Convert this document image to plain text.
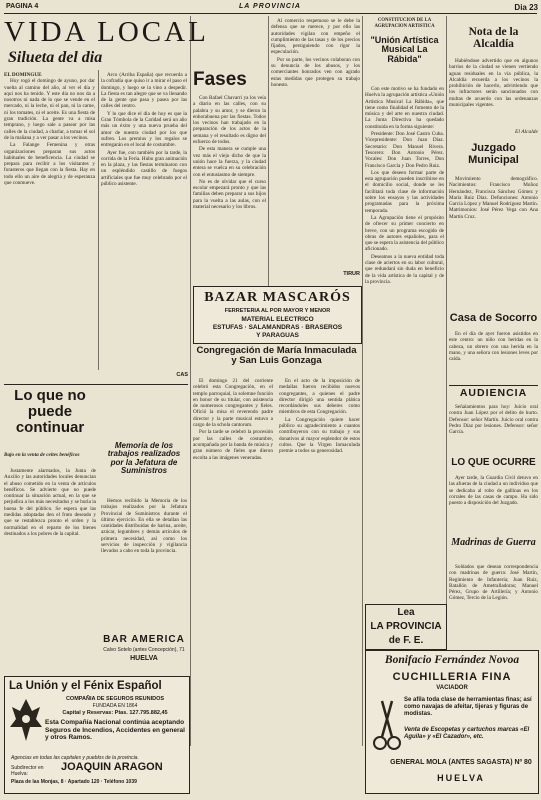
PAGINA 4	LA PROVINCIA	Dia 23
VIDA LOCAL
Silueta del dia
EL DOMINGUE

Hoy rogó el domingo de ayuno, por dar vuelta al camino del año, al ver el día y aquí nos ha tenido. Y este día no nos da a nosotros ni nada de lo que se vende en el mercado, ni la leche, ni el pan, ni la carne, ni los tomates, ni el aceite. Es una fiesta de gran tradición. La gente va a misa temprano, y luego sale a pasear por las calles de la ciudad, a charlar, a tomar el sol de la mañana y a ver pasar a los vecinos.

La Falange Femenina y otras organizaciones preparan sus actos habituales de beneficencia. La ciudad se prepara para recibir a los visitantes y forasteros que llegan con la fiesta. Hay en todo ello un aire de alegría y de esperanza que conmueve.

Arco (Arriba España) que recuerda a la cofradía que quiso ir a mirar el paso el domingo, y luego se la vino a despedir. La fiesta es tan alegre que se va llenando de la gente que pasa y pasea por las calles del centro.

Y lo que dice el día de hoy es que la Gran Tómbola de la Caridad será un año más un éxito y una nueva prueba del amor de nuestra ciudad por los que sufren. Los premios y los regalos se entregarán en el local de costumbre.

Ayer fue, con también por la tarde, la corrida de la Feria. Hubo gran animación en la plaza, y las fiestas terminaron con un espléndido castillo de fuegos artificiales que fue muy celebrado por el público asistente.

CAS
Lo que no puede continuar
Bajo en la venta de ceites benéficos

Justamente alarmados, la Junta de Auxilio y las autoridades locales denuncian el abuso cometido en la venta de artículos benéficos. Se advierte que no puede continuar la situación actual, en la que se perjudica a los más necesitados y se burla la buena fe del público. Se espera que las medidas adoptadas den el fruto deseado y que se restablezca pronto el orden y la normalidad en el reparto de los bienes destinados a los pobres de la capital.

Memoria de los trabajos realizados por la Jefatura de Suministros

Hemos recibido la Memoria de los trabajos realizados por la Jefatura Provincial de Suministros durante el último ejercicio. En ella se detallan las cantidades distribuidas de harina, aceite, azúcar, legumbres y demás artículos de primera necesidad, así como los servicios de inspección y vigilancia llevados a cabo en toda la provincia.

BAR AMERICA
Calvo Sotelo (antes Concepción), 71
HUELVA
La Unión y el Fénix Español
COMPAÑIA DE SEGUROS REUNIDOS
FUNDADA EN 1864
Capital y Reservas: Ptas. 127.795.882,45
Esta Compañía Nacional continúa aceptando Seguros de Incendios, Accidentes en general y otros Ramos.
Agencias en todas las capitales y pueblos de la provincia.
Subdirector en Huelva:
JOAQUIN ARAGON
Plaza de las Monjas, 8 · Apartado 120 · Teléfono 1039
Fases

Con Rafael Chavarri ya los veía a diario en las calles, con su palabra y su amor, y se dieron la enhorabuena por las fiestas. Todos los vecinos han trabajado en la preparación de los actos de la semana y el resultado es digno del esfuerzo de todos.

De esta manera se cumple una vez más el viejo dicho de que la unión hace la fuerza, y la ciudad entera se vuelca en su celebración con el entusiasmo de siempre.

No es de olvidar que el curso escolar empezará pronto y que las familias deben preparar a sus hijos para la vuelta a las aulas, con el material necesario y los libros.

Al comercio respetuoso se le debe la defensa que se merece, y por ello las autoridades vigilan con empeño el cumplimiento de las tasas y de los precios fijados, persiguiendo con rigor la especulación.

Por su parte, los vecinos colaboran con su denuncia de los abusos, y los comerciantes honrados ven con agrado estas medidas que protegen su trabajo honesto.

TIRUR
BAZAR MASCARÓS
FERRETERIA AL POR MAYOR Y MENOR
MATERIAL ELECTRICO
ESTUFAS · SALAMANDRAS · BRASEROS
Y PARAGUAS
Congregación de María Inmaculada y San Luis Gonzaga

El domingo 21 del corriente celebró esta Congregación, en el templo parroquial, la solemne función en honor de su titular, con asistencia de numerosos congregantes y fieles. Ofició la misa el reverendo padre director y la parte musical estuvo a cargo de la schola cantorum.

Por la tarde se celebró la procesión por las calles de costumbre, acompañada por la banda de música y gran número de fieles que dieron escolta a las imágenes veneradas.

En el acto de la imposición de medallas fueron recibidos nuevos congregantes, a quienes el padre director dirigió una sentida plática recordándoles sus deberes como miembros de esta Congregación.

La Congregación quiere hacer público su agradecimiento a cuantos contribuyeron con su trabajo y sus donativos al mayor esplendor de estos cultos. Que la Virgen Inmaculada premie a todos su generosidad.

CONSTITUCION DE LA AGRUPACION ARTISTICA
"Unión Artística Musical La Rábida"

Con este motivo se ha fundado en Huelva la agrupación artística «Unión Artística Musical La Rábida», que tiene como finalidad el fomento de la música y del arte en nuestra ciudad. La Junta Directiva ha quedado constituida en la forma siguiente:

Presidente: Don José Castro Cuba. Vicepresidente: Don Juan Díaz. Secretario: Don Manuel Rivera. Tesorero: Don Antonio Pérez. Vocales: Don Juan Torres, Don Francisco García y Don Pedro Ruiz.

Los que deseen formar parte de esta agrupación pueden inscribirse en el domicilio social, donde se les facilitará toda clase de información sobre los ensayos y las actividades programadas para la próxima temporada.

La Agrupación tiene el propósito de ofrecer su primer concierto en breve, con un programa escogido de obras de autores españoles, para el que se espera la asistencia del público aficionado.

Deseamos a la nueva entidad toda clase de aciertos en su labor cultural, que redundará sin duda en beneficio de la vida artística de la capital y de la provincia.

Nota de la Alcaldía

Habiéndose advertido que en algunos barrios de la ciudad se vienen vertiendo aguas residuales en la vía pública, la Alcaldía recuerda a los vecinos la prohibición de hacerlo, advirtiendo que los infractores serán sancionados con multas de acuerdo con las ordenanzas municipales vigentes.

El Alcalde
Juzgado Municipal

Movimiento demográfico. Nacimientos: Francisco Muñoz Hernández, Francisca Sánchez Gómez y María Ruiz Díaz. Defunciones: Antonio García López y Manuel Rodríguez Martín. Matrimonios: José Pérez Vega con Ana Martín Cruz.

Casa de Socorro

En el día de ayer fueron asistidos en este centro: un niño con heridas en la cabeza, un obrero con una herida en la mano, y una señora con lesiones leves por caída.

AUDIENCIA

Señalamientos para hoy: Juicio oral contra Juan López por el delito de hurto. Defensor: señor Martín. Juicio oral contra Pedro Díaz por lesiones. Defensor: señor García.

LO QUE OCURRE

Ayer tarde, la Guardia Civil detuvo en las afueras de la ciudad a un individuo que se dedicaba al robo de gallinas en los corrales de las casas de campo. Ha sido puesto a disposición del Juzgado.

Madrinas de Guerra

Soldados que desean correspondencia con madrinas de guerra: José Martín, Regimiento de Infantería; Juan Ruiz, Batallón de Ametralladoras; Manuel Pérez, Grupo de Artillería; y Antonio Gómez, Tercio de la Legión.

Lea
LA PROVINCIA
de F. E.
Bonifacio Fernández Novoa
CUCHILLERIA FINA
VACIADOR
Se afila toda clase de herramientas finas; así como navajas de afeitar, tijeras y figuras de modistas.
Venta de Escopetas y cartuchos marcas «El Aguila» y «El Cazador», etc.
GENERAL MOLA (ANTES SAGASTA) Nº 80
HUELVA
